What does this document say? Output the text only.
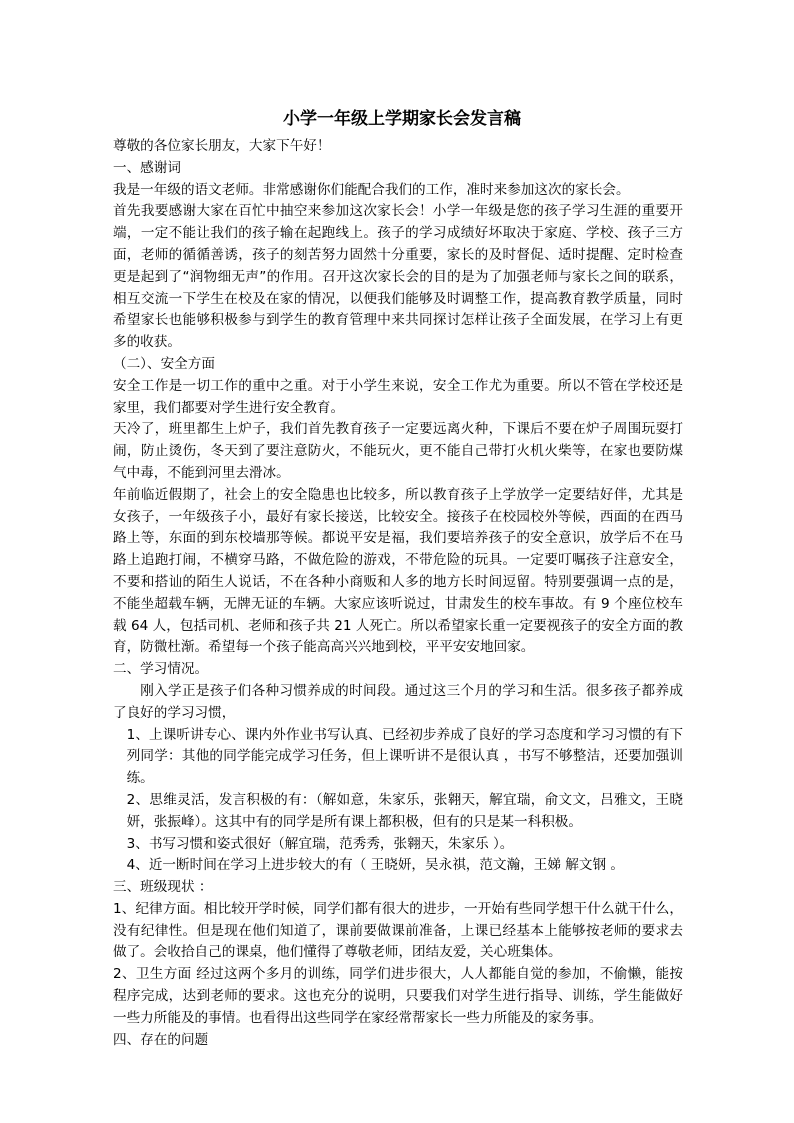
小学一年级上学期家长会发言稿

尊敬的各位家长朋友，大家下午好！

一、感谢词

我是一年级的语文老师。非常感谢你们能配合我们的工作，准时来参加这次的家长会。

首先我要感谢大家在百忙中抽空来参加这次家长会！小学一年级是您的孩子学习生涯的重要开端，一定不能让我们的孩子输在起跑线上。孩子的学习成绩好坏取决于家庭、学校、孩子三方面，老师的循循善诱，孩子的刻苦努力固然十分重要，家长的及时督促、适时提醒、定时检查更是起到了“润物细无声”的作用。召开这次家长会的目的是为了加强老师与家长之间的联系，相互交流一下学生在校及在家的情况，以便我们能够及时调整工作，提高教育教学质量，同时希望家长也能够积极参与到学生的教育管理中来共同探讨怎样让孩子全面发展，在学习上有更多的收获。

（二）、安全方面

安全工作是一切工作的重中之重。对于小学生来说，安全工作尤为重要。所以不管在学校还是家里，我们都要对学生进行安全教育。

天冷了，班里都生上炉子，我们首先教育孩子一定要远离火种，下课后不要在炉子周围玩耍打闹，防止烫伤，冬天到了要注意防火，不能玩火，更不能自己带打火机火柴等，在家也要防煤气中毒，不能到河里去滑冰。

年前临近假期了，社会上的安全隐患也比较多，所以教育孩子上学放学一定要结好伴，尤其是女孩子，一年级孩子小，最好有家长接送，比较安全。接孩子在校园校外等候，西面的在西马路上等，东面的到东校墙那等候。都说平安是福，我们要培养孩子的安全意识，放学后不在马路上追跑打闹，不横穿马路，不做危险的游戏，不带危险的玩具。一定要叮嘱孩子注意安全，不要和搭讪的陌生人说话，不在各种小商贩和人多的地方长时间逗留。特别要强调一点的是，不能坐超载车辆，无牌无证的车辆。大家应该听说过，甘肃发生的校车事故。有 9 个座位校车载 64 人，包括司机、老师和孩子共 21 人死亡。所以希望家长重一定要视孩子的安全方面的教育，防微杜渐。希望每一个孩子能高高兴兴地到校，平平安安地回家。

二、学习情况。

刚入学正是孩子们各种习惯养成的时间段。通过这三个月的学习和生活。很多孩子都养成了良好的学习习惯，

1、上课听讲专心、课内外作业书写认真、已经初步养成了良好的学习态度和学习习惯的有下列同学：其他的同学能完成学习任务，但上课听讲不是很认真 ，书写不够整洁，还要加强训练。

2、思维灵活，发言积极的有：（解如意，朱家乐，张翱天，解宜瑞，俞文文，吕雅文，王晓妍，张振峰）。这其中有的同学是所有课上都积极，但有的只是某一科积极。

3、书写习惯和姿式很好（解宜瑞，范秀秀，张翱天，朱家乐 ）。

4、近一断时间在学习上进步较大的有（ 王晓妍，吴永祺，范文瀚，王娣 解文钢 。

三、班级现状 ：

1、纪律方面。相比较开学时候，同学们都有很大的进步，一开始有些同学想干什么就干什么，没有纪律性。但是现在他们知道了，课前要做课前准备，上课已经基本上能够按老师的要求去做了。会收拾自己的课桌，他们懂得了尊敬老师，团结友爱，关心班集体。

2、卫生方面 经过这两个多月的训练，同学们进步很大，人人都能自觉的参加，不偷懒，能按程序完成，达到老师的要求。这也充分的说明，只要我们对学生进行指导、训练，学生能做好一些力所能及的事情。也看得出这些同学在家经常帮家长一些力所能及的家务事。

四、存在的问题
